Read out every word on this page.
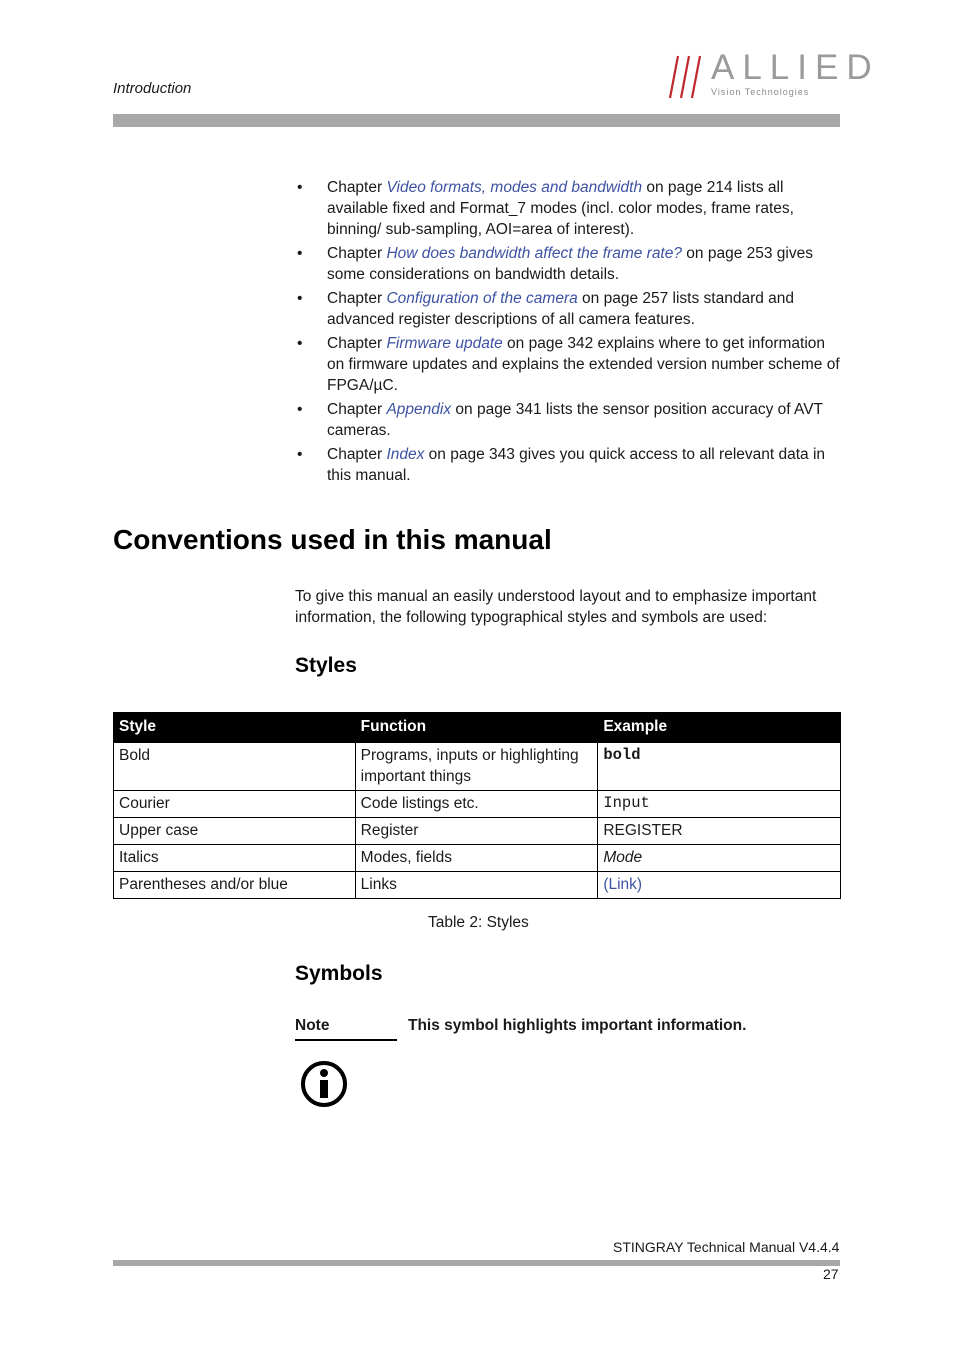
Introduction
ALLIED
Vision Technologies
• Chapter Video formats, modes and bandwidth on page 214 lists all available fixed and Format_7 modes (incl. color modes, frame rates, binning/ sub-sampling, AOI=area of interest).
• Chapter How does bandwidth affect the frame rate? on page 253 gives some considerations on bandwidth details.
• Chapter Configuration of the camera on page 257 lists standard and advanced register descriptions of all camera features.
• Chapter Firmware update on page 342 explains where to get information on firmware updates and explains the extended version number scheme of FPGA/µC.
• Chapter Appendix on page 341 lists the sensor position accuracy of AVT cameras.
• Chapter Index on page 343 gives you quick access to all relevant data in this manual.
Conventions used in this manual
To give this manual an easily understood layout and to emphasize important information, the following typographical styles and symbols are used:
Styles
Style	Function	Example
Bold	Programs, inputs or highlighting important things	bold
Courier	Code listings etc.	Input
Upper case	Register	REGISTER
Italics	Modes, fields	Mode
Parentheses and/or blue	Links	(Link)
Table 2: Styles
Symbols
Note	This symbol highlights important information.
STINGRAY Technical Manual V4.4.4
27
